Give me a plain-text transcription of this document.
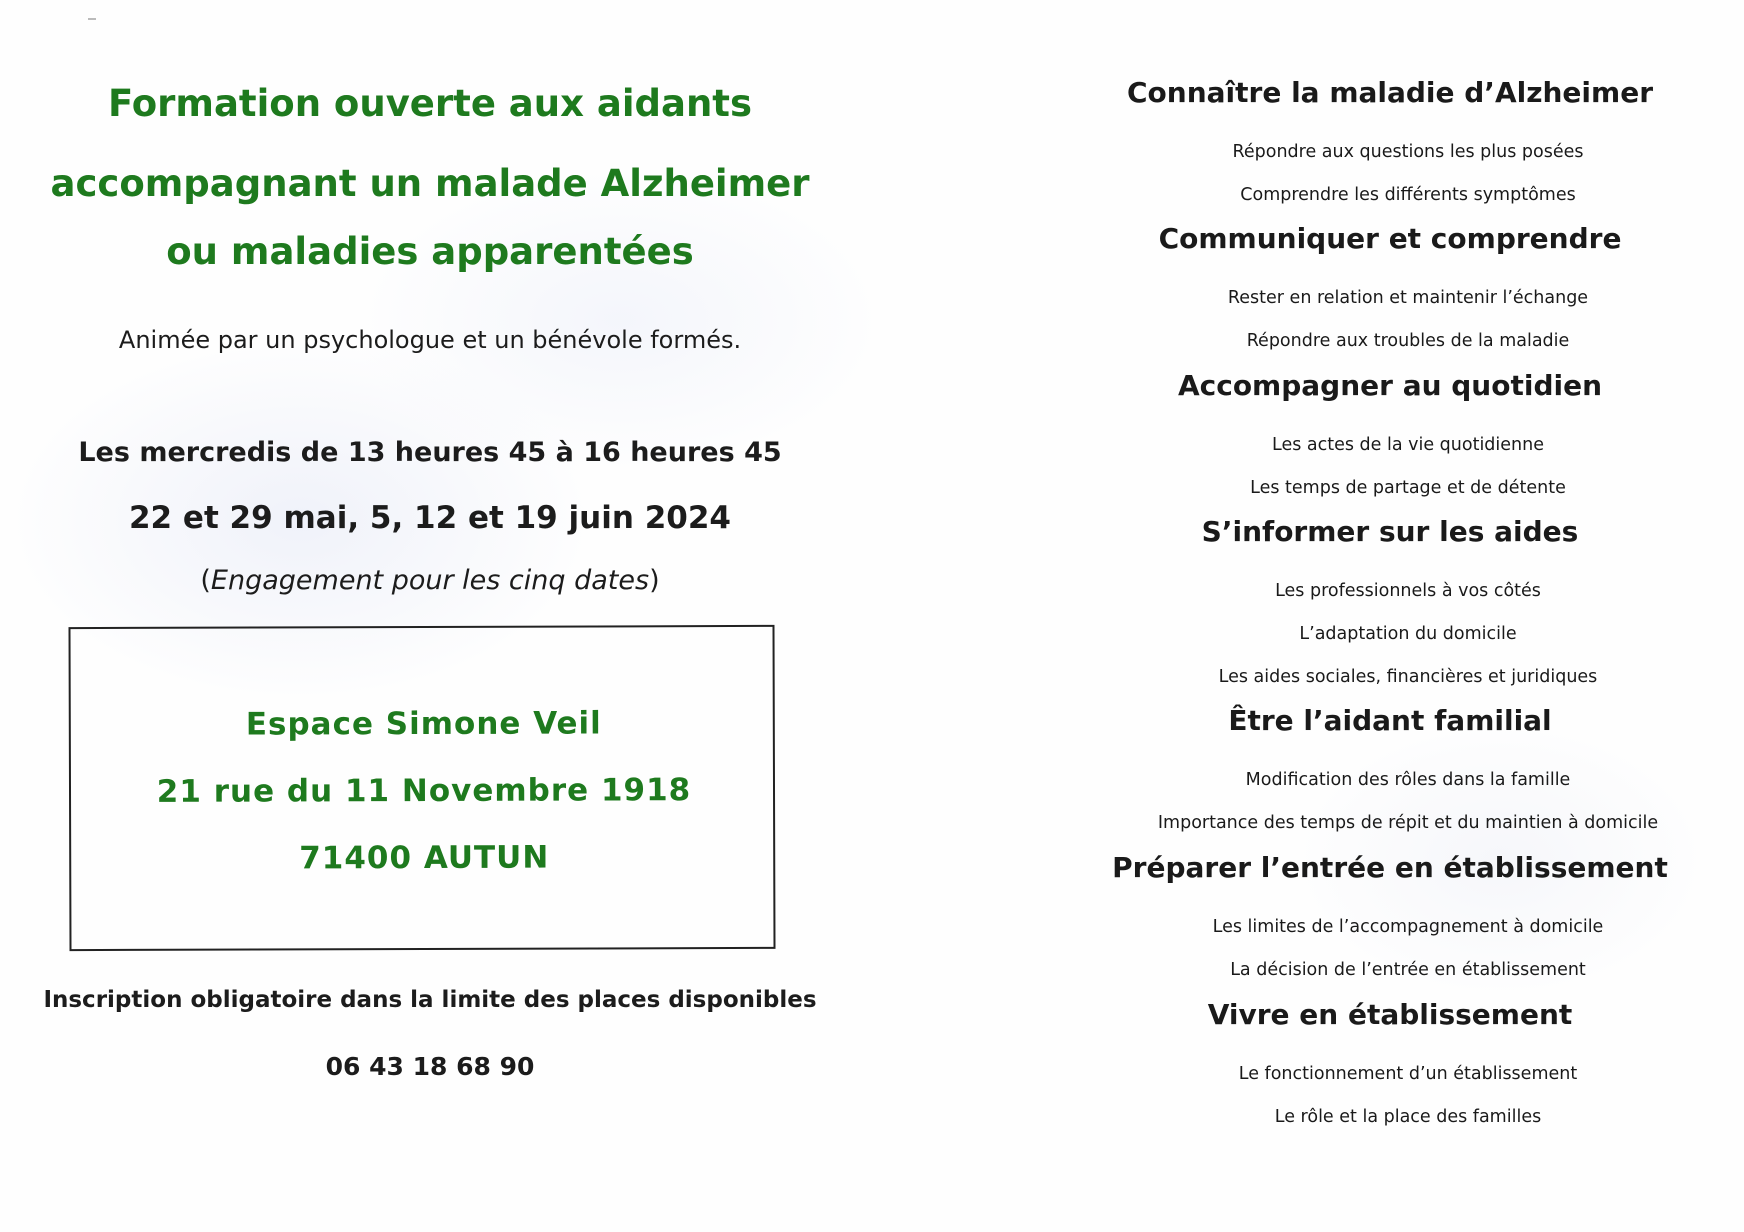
Formation ouverte aux aidants
accompagnant un malade Alzheimer
ou maladies apparentées
Animée par un psychologue et un bénévole formés.
Les mercredis de 13 heures 45 à 16 heures 45
22 et 29 mai, 5, 12 et 19 juin 2024
(Engagement pour les cinq dates)
Espace Simone Veil
21 rue du 11 Novembre 1918
71400 AUTUN
Inscription obligatoire dans la limite des places disponibles
06 43 18 68 90
Connaître la maladie d’Alzheimer
Répondre aux questions les plus posées
Comprendre les différents symptômes
Communiquer et comprendre
Rester en relation et maintenir l’échange
Répondre aux troubles de la maladie
Accompagner au quotidien
Les actes de la vie quotidienne
Les temps de partage et de détente
S’informer sur les aides
Les professionnels à vos côtés
L’adaptation du domicile
Les aides sociales, financières et juridiques
Être l’aidant familial
Modification des rôles dans la famille
Importance des temps de répit et du maintien à domicile
Préparer l’entrée en établissement
Les limites de l’accompagnement à domicile
La décision de l’entrée en établissement
Vivre en établissement
Le fonctionnement d’un établissement
Le rôle et la place des familles
